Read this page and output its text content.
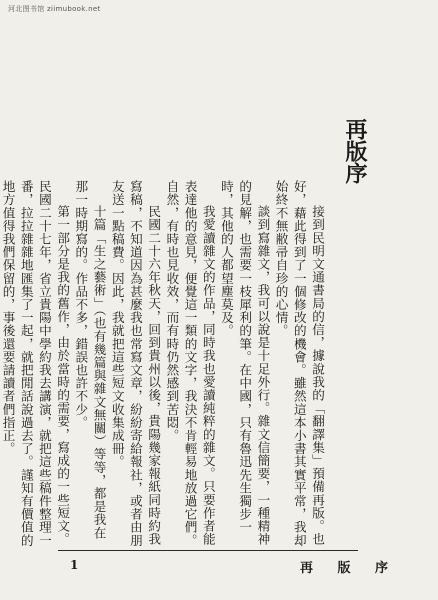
河北图书馆 ziimubook.net
再版序

接到民明文通書局的信，據說我的「翻譯集」預備再版。也好，藉此得到了一個修改的機會。雖然這本小書其實平常，我却始終不無敝帚自珍的心情。

談到寫雜文，我可以說是十足外行。雜文信簡要，一種精神的見解，也需要一枝犀利的筆。在中國，只有魯迅先生獨步一時，其他的人都望塵莫及。

我愛讀雜文的作品，同時我也愛讀純粹的雜文。只要作者能表達他的意見，便覺這一類的文字，我決不肯輕易地放過它們。自然，有時也見收效，而有時仍然感到苦悶。

民國二十六年秋天，回到貴州以後，貴陽幾家報紙同時約我寫稿，不知道因為甚麼我也常寫文章，紛紛寄給報社，或者由朋友送一點稿費。因此，我就把這些短文收集成冊。

十篇「生之藝術」（也有幾篇與雜文無關）等等，都是我在那一時期寫的。作品不多，錯誤也許不少。

第一部分是我的舊作，由於當時的需要，寫成的一些短文。民國二十七年，省立貴陽中學約我去講演，就把這些稿件整理一番，拉拉雜雜地匯集了一起，就把閒話說過去了。謹知有價值的地方值得我們保留的，事後還要請讀者們指正。

再 版 序
1
